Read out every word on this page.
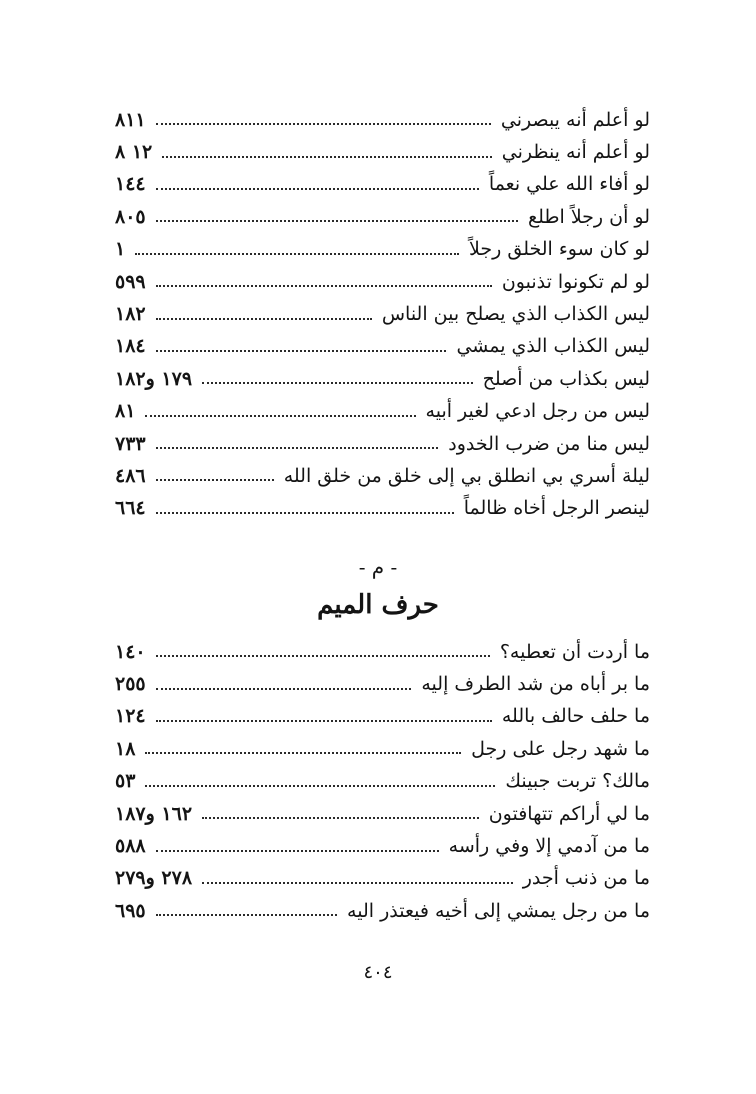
لو أعلم أنه يبصرني
٨١١
لو أعلم أنه ينظرني
١٢ ٨
لو أفاء الله علي نعماً
١٤٤
لو أن رجلاً اطلع
٨٠٥
لو كان سوء الخلق رجلاً
١
لو لم تكونوا تذنبون
٥٩٩
ليس الكذاب الذي يصلح بين الناس
١٨٢
ليس الكذاب الذي يمشي
١٨٤
ليس بكذاب من أصلح
١٧٩ و١٨٢
ليس من رجل ادعي لغير أبيه
٨١
ليس منا من ضرب الخدود
٧٣٣
ليلة أسري بي انطلق بي إلى خلق من خلق الله
٤٨٦
لينصر الرجل أخاه ظالماً
٦٦٤
- م -
حرف الميم
ما أردت أن تعطيه؟
١٤٠
ما بر أباه من شد الطرف إليه
٢٥٥
ما حلف حالف بالله
١٢٤
ما شهد رجل على رجل
١٨
مالك؟ تربت جبينك
٥٣
ما لي أراكم تتهافتون
١٦٢ و١٨٧
ما من آدمي إلا وفي رأسه
٥٨٨
ما من ذنب أجدر
٢٧٨ و٢٧٩
ما من رجل يمشي إلى أخيه فيعتذر اليه
٦٩٥
٤٠٤
